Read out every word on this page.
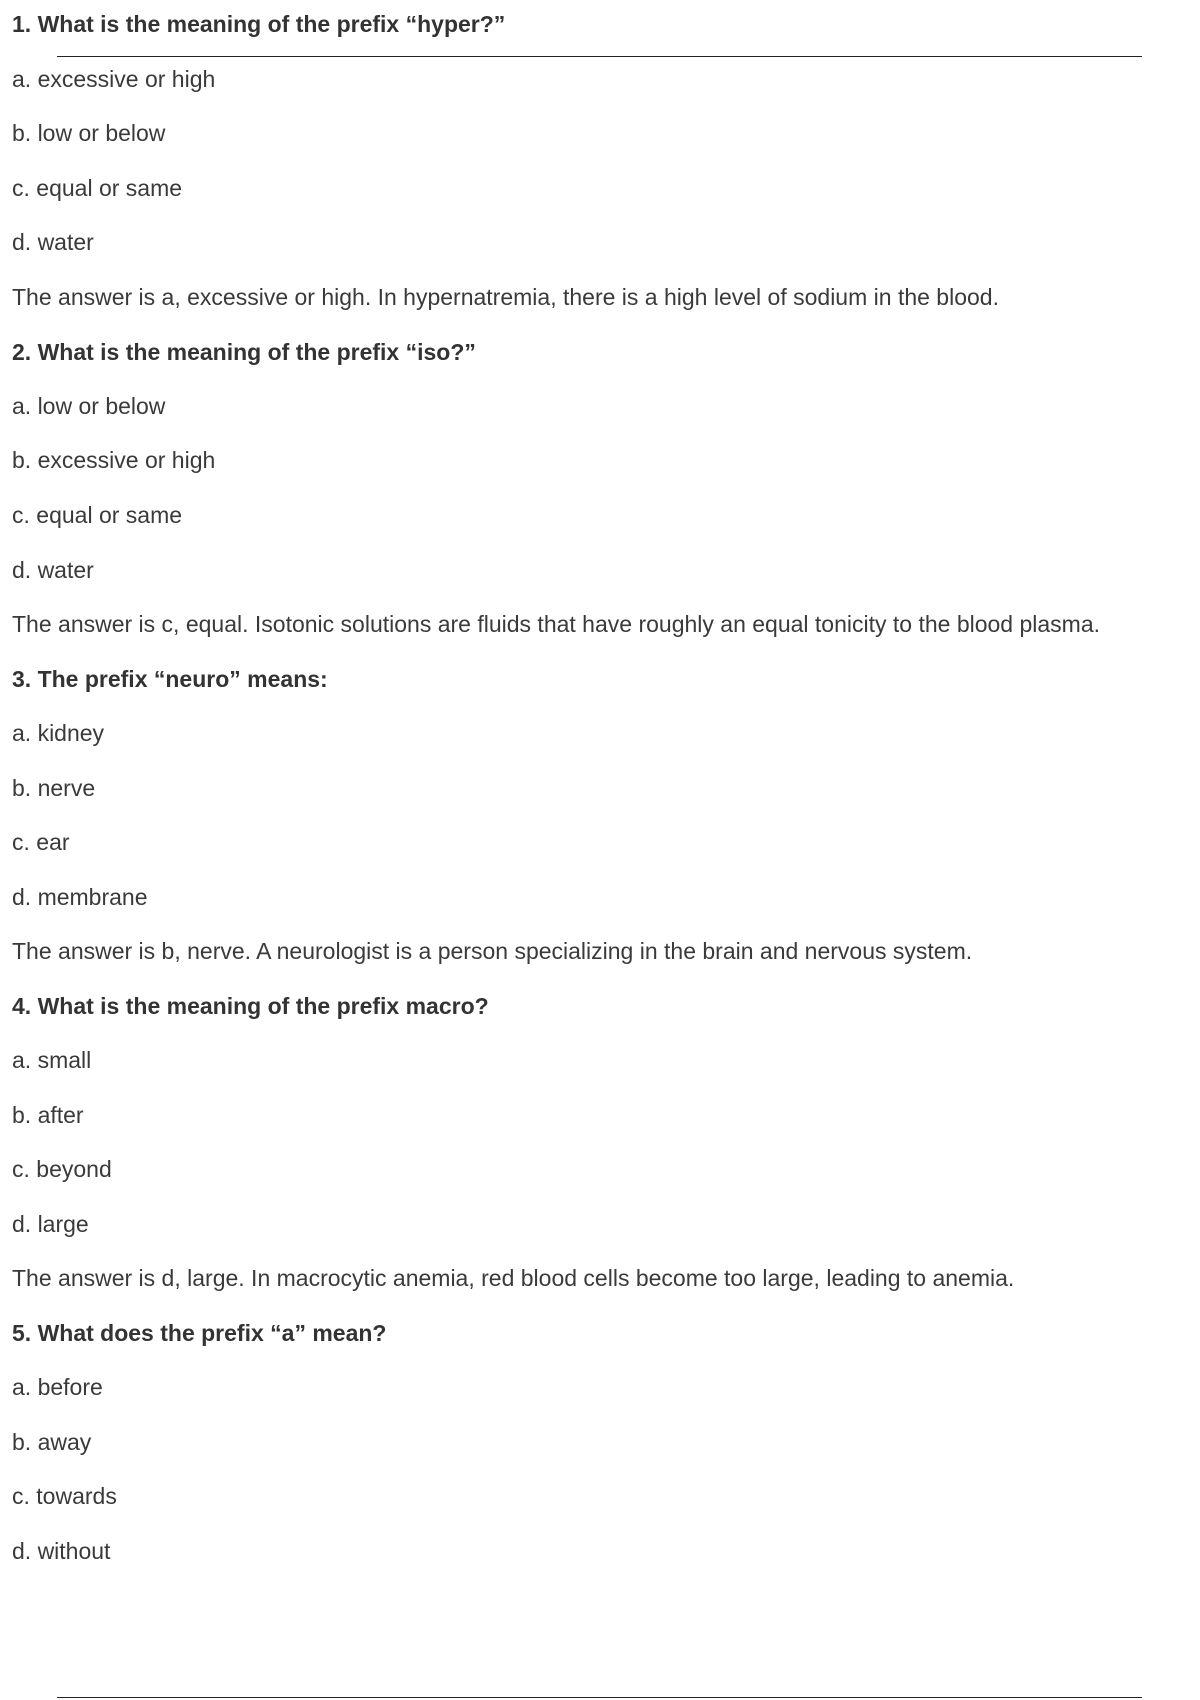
1. What is the meaning of the prefix “hyper?”
a. excessive or high
b. low or below
c. equal or same
d. water
The answer is a, excessive or high. In hypernatremia, there is a high level of sodium in the blood.
2. What is the meaning of the prefix “iso?”
a. low or below
b. excessive or high
c. equal or same
d. water
The answer is c, equal. Isotonic solutions are fluids that have roughly an equal tonicity to the blood plasma.
3. The prefix “neuro” means:
a. kidney
b. nerve
c. ear
d. membrane
The answer is b, nerve. A neurologist is a person specializing in the brain and nervous system.
4. What is the meaning of the prefix macro?
a. small
b. after
c. beyond
d. large
The answer is d, large. In macrocytic anemia, red blood cells become too large, leading to anemia.
5. What does the prefix “a” mean?
a. before
b. away
c. towards
d. without
